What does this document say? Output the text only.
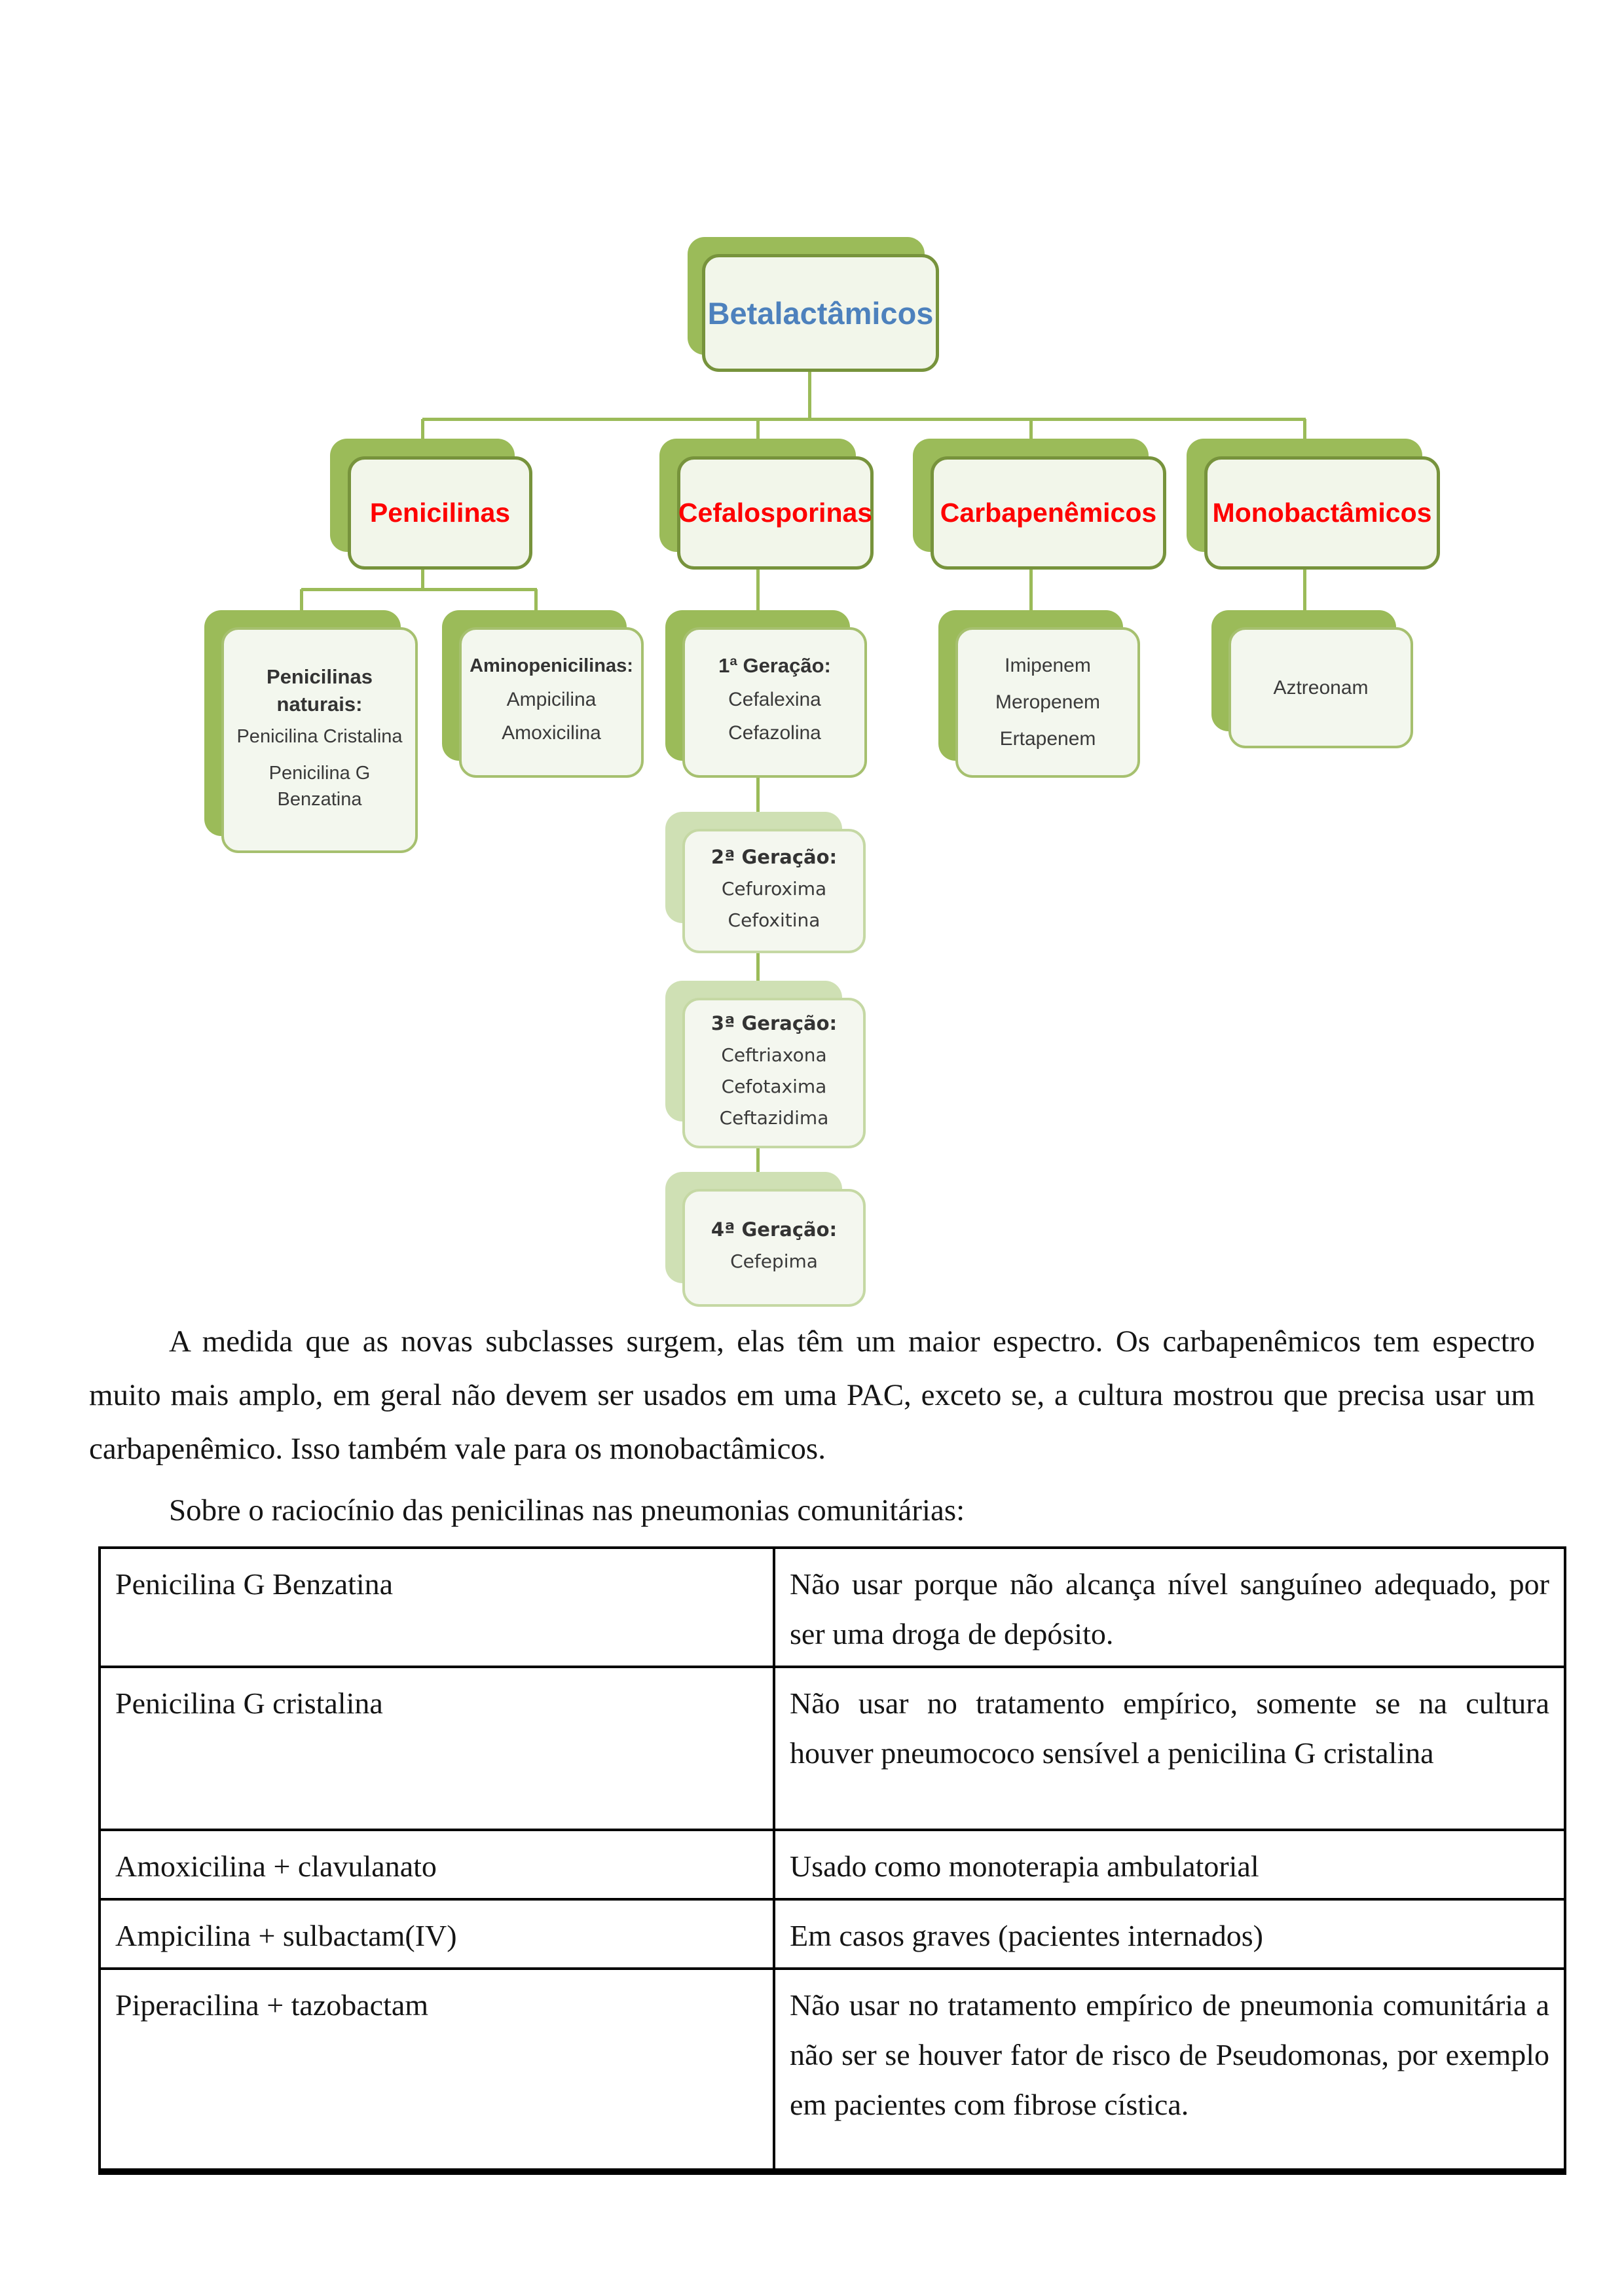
Betalactâmicos
Penicilinas	Cefalosporinas	Carbapenêmicos Monobactâmicos
Penicilinas naturais:
Penicilina Cristalina
Penicilina G Benzatina
Aminopenicilinas:
Ampicilina
Amoxicilina
1ª Geração:
Cefalexina
Cefazolina
Imipenem
Meropenem
Ertapenem
Aztreonam
2ª Geração:
Cefuroxima
Cefoxitina
3ª Geração:
Ceftriaxona
Cefotaxima
Ceftazidima
4ª Geração:
Cefepima

A medida que as novas subclasses surgem, elas têm um maior espectro. Os carbapenêmicos tem espectro muito mais amplo, em geral não devem ser usados em uma PAC, exceto se, a cultura mostrou que precisa usar um carbapenêmico. Isso também vale para os monobactâmicos.

Sobre o raciocínio das penicilinas nas pneumonias comunitárias:

Penicilina G Benzatina	Não usar porque não alcança nível sanguíneo adequado, por ser uma droga de depósito.
Penicilina G cristalina	Não usar no tratamento empírico, somente se na cultura houver pneumococo sensível a penicilina G cristalina
Amoxicilina + clavulanato	Usado como monoterapia ambulatorial
Ampicilina + sulbactam(IV)	Em casos graves (pacientes internados)
Piperacilina + tazobactam	Não usar no tratamento empírico de pneumonia comunitária a não ser se houver fator de risco de Pseudomonas, por exemplo em pacientes com fibrose cística.
